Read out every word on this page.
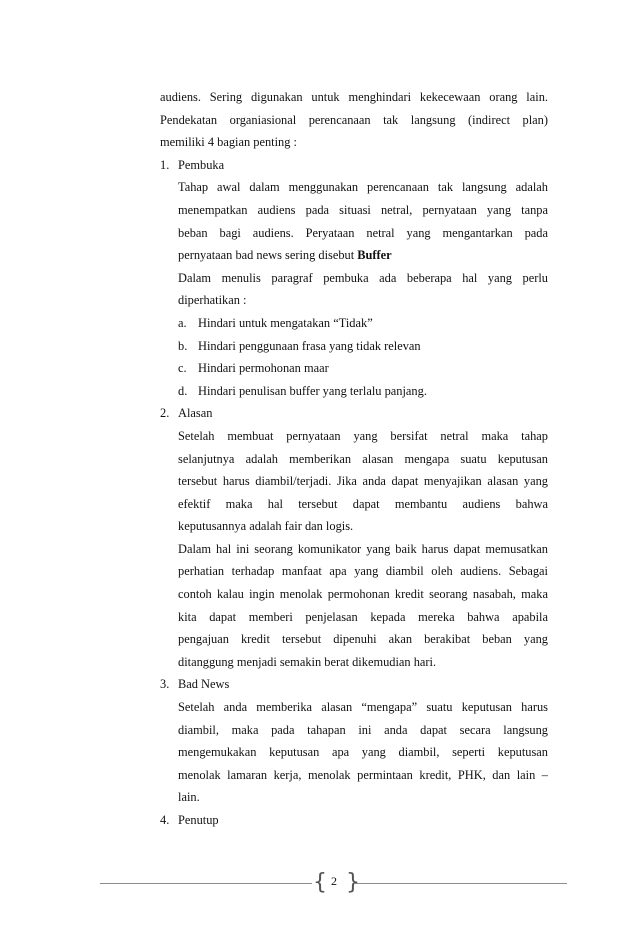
audiens. Sering digunakan untuk menghindari kekecewaan orang lain.
Pendekatan organiasional perencanaan tak langsung (indirect plan)
memiliki 4 bagian penting :
1. Pembuka
Tahap awal dalam menggunakan perencanaan tak langsung adalah
menempatkan audiens pada situasi netral, pernyataan yang tanpa
beban bagi audiens. Peryataan netral yang mengantarkan pada
pernyataan bad news sering disebut Buffer
Dalam menulis paragraf pembuka ada beberapa hal yang perlu
diperhatikan :
a. Hindari untuk mengatakan “Tidak”
b. Hindari penggunaan frasa yang tidak relevan
c. Hindari permohonan maar
d. Hindari penulisan buffer yang terlalu panjang.
2. Alasan
Setelah membuat pernyataan yang bersifat netral maka tahap
selanjutnya adalah memberikan alasan mengapa suatu keputusan
tersebut harus diambil/terjadi. Jika anda dapat menyajikan alasan yang
efektif maka hal tersebut dapat membantu audiens bahwa
keputusannya adalah fair dan logis.
Dalam hal ini seorang komunikator yang baik harus dapat memusatkan
perhatian terhadap manfaat apa yang diambil oleh audiens. Sebagai
contoh kalau ingin menolak permohonan kredit seorang nasabah, maka
kita dapat memberi penjelasan kepada mereka bahwa apabila
pengajuan kredit tersebut dipenuhi akan berakibat beban yang
ditanggung menjadi semakin berat dikemudian hari.
3. Bad News
Setelah anda memberika alasan “mengapa” suatu keputusan harus
diambil, maka pada tahapan ini anda dapat secara langsung
mengemukakan keputusan apa yang diambil, seperti keputusan
menolak lamaran kerja, menolak permintaan kredit, PHK, dan lain –
lain.
4. Penutup
{ 2 }
